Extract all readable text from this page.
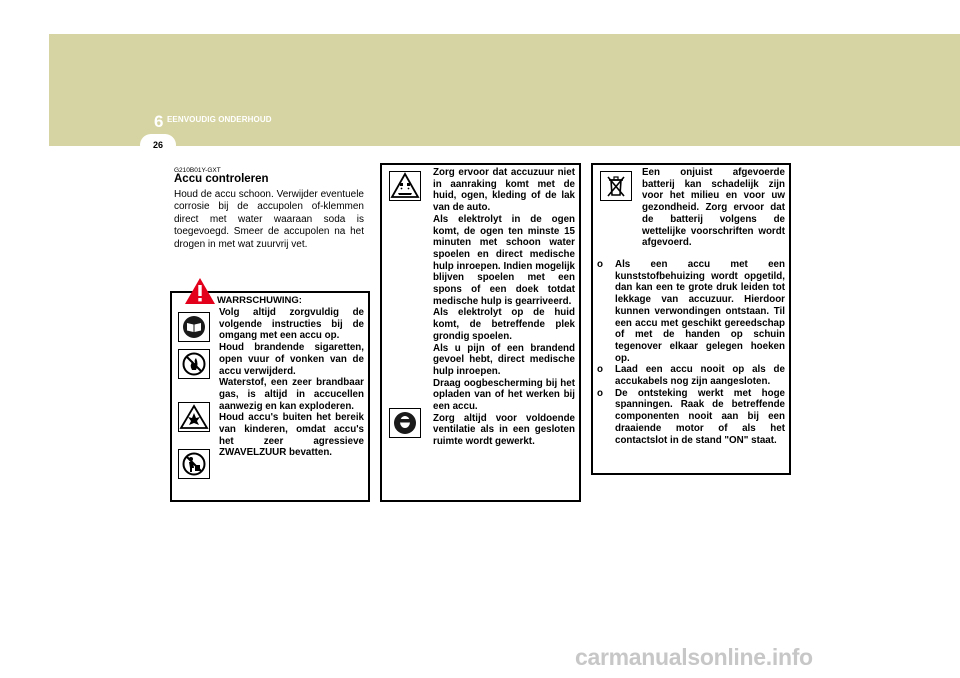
6 EENVOUDIG ONDERHOUD
26
G210B01Y-GXT
Accu controleren
Houd de accu schoon. Verwijder eventuele corrosie bij de accupolen of-klemmen direct met water waaraan soda is toegevoegd. Smeer de accupolen na het drogen in met wat zuurvrij vet.
WARRSCHUWING:
Volg altijd zorgvuldig de volgende instructies bij de omgang met een accu op.
Houd brandende sigaretten, open vuur of vonken van de accu verwijderd.
Waterstof, een zeer brandbaar gas, is altijd in accucellen aanwezig en kan exploderen.
Houd accu's buiten het bereik van kinderen, omdat accu's het zeer agressieve ZWAVELZUUR bevatten.
Zorg ervoor dat accuzuur niet in aanraking komt met de huid, ogen, kleding of de lak van de auto.
Als elektrolyt in de ogen komt, de ogen ten minste 15 minuten met schoon water spoelen en direct medische hulp inroepen. Indien mogelijk blijven spoelen met een spons of een doek totdat medische hulp is gearriveerd.
Als elektrolyt op de huid komt, de betreffende plek grondig spoelen.
Als u pijn of een brandend gevoel hebt, direct medische hulp inroepen.
Draag oogbescherming bij het opladen van of het werken bij een accu.
Zorg altijd voor voldoende ventilatie als in een gesloten ruimte wordt gewerkt.
Een onjuist afgevoerde batterij kan schadelijk zijn voor het milieu en voor uw gezondheid. Zorg ervoor dat de batterij volgens de wettelijke voorschriften wordt afgevoerd.
o Als een accu met een kunststofbehuizing wordt opgetild, dan kan een te grote druk leiden tot lekkage van accuzuur. Hierdoor kunnen verwondingen ontstaan. Til een accu met geschikt gereedschap of met de handen op schuin tegenover elkaar gelegen hoeken op.
o Laad een accu nooit op als de accukabels nog zijn aangesloten.
o De ontsteking werkt met hoge spanningen. Raak de betreffende componenten nooit aan bij een draaiende motor of als het contactslot in de stand "ON" staat.
carmanualsonline.info
